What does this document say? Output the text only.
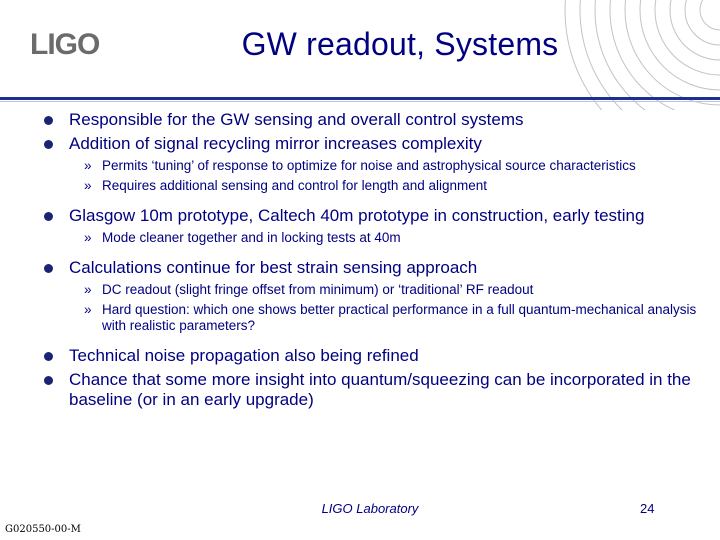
LIGO	GW readout, Systems
Responsible for the GW sensing and overall control systems
Addition of signal recycling mirror increases complexity
» Permits ‘tuning’ of response to optimize for noise and astrophysical source characteristics
» Requires additional sensing and control for length and alignment
Glasgow 10m prototype, Caltech 40m prototype in construction, early testing
» Mode cleaner together and in locking tests at 40m
Calculations continue for best strain sensing approach
» DC readout (slight fringe offset from minimum) or ‘traditional’ RF readout
» Hard question: which one shows better practical performance in a full quantum-mechanical analysis with realistic parameters?
Technical noise propagation also being refined
Chance that some more insight into quantum/squeezing can be incorporated in the baseline (or in an early upgrade)
LIGO Laboratory	24
G020550-00-M
